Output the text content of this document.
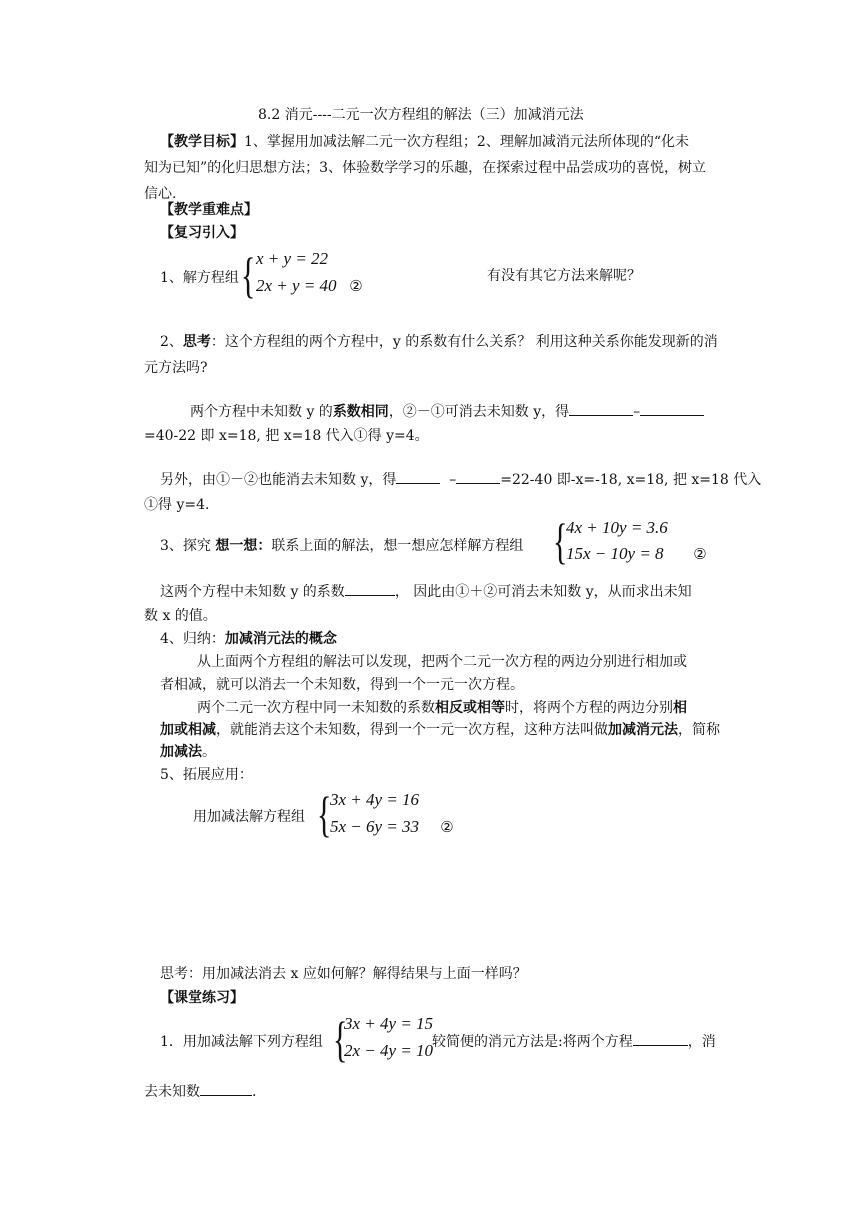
8.2 消元----二元一次方程组的解法（三）加减消元法
【教学目标】1、掌握用加减法解二元一次方程组；2、理解加减消元法所体现的“化未
知为已知”的化归思想方法；3、体验数学学习的乐趣，在探索过程中品尝成功的喜悦，树立
信心.
【教学重难点】
【复习引入】
1、解方程组 { x + y = 22
2x + y = 40 ②
有没有其它方法来解呢？
2、思考：这个方程组的两个方程中，y 的系数有什么关系？ 利用这种关系你能发现新的消
元方法吗?
两个方程中未知数 y 的系数相同，②－①可消去未知数 y，得	–
=40-22 即 x=18, 把 x=18 代入①得 y=4。
另外，由①－②也能消去未知数 y，得	–	=22-40 即-x=-18, x=18, 把 x=18 代入
①得 y=4.
3、探究 想一想：联系上面的解法，想一想应怎样解方程组 {
4x + 10y = 3.6
15x − 10y = 8 ②
这两个方程中未知数 y 的系数	， 因此由①＋②可消去未知数 y，从而求出未知
数 x 的值。
4、归纳：加减消元法的概念
从上面两个方程组的解法可以发现，把两个二元一次方程的两边分别进行相加或
者相减，就可以消去一个未知数，得到一个一元一次方程。
两个二元一次方程中同一未知数的系数相反或相等时，将两个方程的两边分别相
加或相减，就能消去这个未知数，得到一个一元一次方程，这种方法叫做加减消元法，简称
加减法。
5、拓展应用：
用加减法解方程组 {
3x + 4y = 16
5x − 6y = 33 ②
思考：用加减法消去 x 应如何解？解得结果与上面一样吗？
【课堂练习】
1．用加减法解下列方程组 {
3x + 4y = 15
2x − 4y = 10
较简便的消元方法是:将两个方程	，消
去未知数	.
